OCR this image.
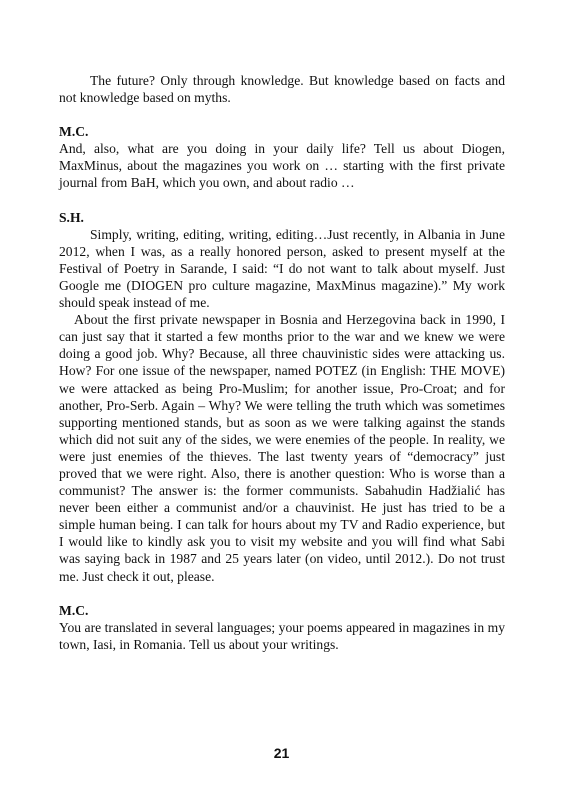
The future? Only through knowledge. But knowledge based on facts and not knowledge based on myths.

M.C.

And, also, what are you doing in your daily life? Tell us about Diogen, MaxMinus, about the magazines you work on … starting with the first private journal from BaH, which you own, and about radio …

S.H.

Simply, writing, editing, writing, editing…Just recently, in Albania in June 2012, when I was, as a really honored person, asked to present myself at the Festival of Poetry in Sarande, I said: “I do not want to talk about myself. Just Google me (DIOGEN pro culture magazine, MaxMinus magazine).” My work should speak instead of me.

About the first private newspaper in Bosnia and Herzegovina back in 1990, I can just say that it started a few months prior to the war and we knew we were doing a good job. Why? Because, all three chauvinistic sides were attacking us. How? For one issue of the newspaper, named POTEZ (in English: THE MOVE) we were attacked as being Pro-Muslim; for another issue, Pro-Croat; and for another, Pro-Serb. Again – Why? We were telling the truth which was sometimes supporting mentioned stands, but as soon as we were talking against the stands which did not suit any of the sides, we were enemies of the people. In reality, we were just enemies of the thieves. The last twenty years of “democracy” just proved that we were right. Also, there is another question: Who is worse than a communist? The answer is: the former communists. Sabahudin Hadžialić has never been either a communist and/or a chauvinist. He just has tried to be a simple human being. I can talk for hours about my TV and Radio experience, but I would like to kindly ask you to visit my website and you will find what Sabi was saying back in 1987 and 25 years later (on video, until 2012.). Do not trust me. Just check it out, please.

M.C.

You are translated in several languages; your poems appeared in magazines in my town, Iasi, in Romania. Tell us about your writings.

21
